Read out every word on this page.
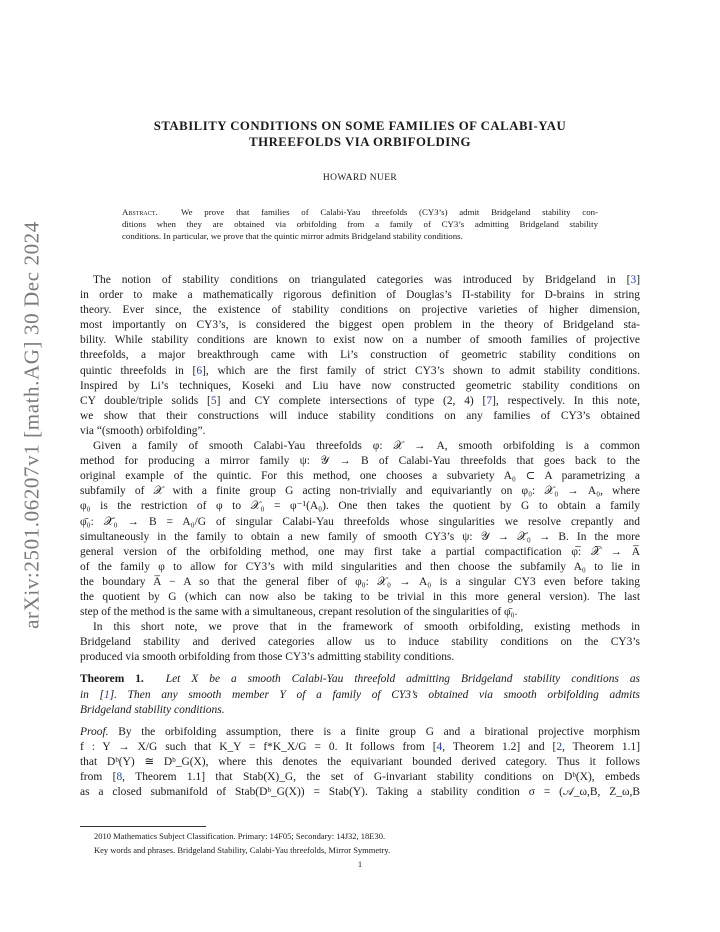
arXiv:2501.06207v1 [math.AG] 30 Dec 2024
STABILITY CONDITIONS ON SOME FAMILIES OF CALABI-YAU
THREEFOLDS VIA ORBIFOLDING
HOWARD NUER
Abstract.	We prove that families of Calabi-Yau threefolds (CY3’s) admit Bridgeland stability con-
ditions when they are obtained via orbifolding from a family of CY3’s admitting Bridgeland stability
conditions. In particular, we prove that the quintic mirror admits Bridgeland stability conditions.
The notion of stability conditions on triangulated categories was introduced by Bridgeland in [3]
in order to make a mathematically rigorous definition of Douglas’s Π-stability for D-brains in string
theory. Ever since, the existence of stability conditions on projective varieties of higher dimension,
most importantly on CY3’s, is considered the biggest open problem in the theory of Bridgeland sta-
bility. While stability conditions are known to exist now on a number of smooth families of projective
threefolds, a major breakthrough came with Li’s construction of geometric stability conditions on
quintic threefolds in [6], which are the first family of strict CY3’s shown to admit stability conditions.
Inspired by Li’s techniques, Koseki and Liu have now constructed geometric stability conditions on
CY double/triple solids [5] and CY complete intersections of type (2, 4) [7], respectively. In this note,
we show that their constructions will induce stability conditions on any families of CY3’s obtained
via “(smooth) orbifolding”.
Given a family of smooth Calabi-Yau threefolds φ: 𝒳 → A, smooth orbifolding is a common
method for producing a mirror family ψ: 𝒴 → B of Calabi-Yau threefolds that goes back to the
original example of the quintic. For this method, one chooses a subvariety A₀ ⊂ A parametrizing a
subfamily of 𝒳 with a finite group G acting non-trivially and equivariantly on φ₀: 𝒳₀ → A₀, where
φ₀ is the restriction of φ to 𝒳₀ = φ⁻¹(A₀). One then takes the quotient by G to obtain a family
φ̄₀: 𝒳̄₀ → B = A₀/G of singular Calabi-Yau threefolds whose singularities we resolve crepantly and
simultaneously in the family to obtain a new family of smooth CY3’s ψ: 𝒴 → 𝒳̄₀ → B. In the more
general version of the orbifolding method, one may first take a partial compactification φ̅: 𝒳̅ → A̅
of the family φ to allow for CY3’s with mild singularities and then choose the subfamily A₀ to lie in
the boundary A̅ − A so that the general fiber of φ₀: 𝒳₀ → A₀ is a singular CY3 even before taking
the quotient by G (which can now also be taking to be trivial in this more general version). The last
step of the method is the same with a simultaneous, crepant resolution of the singularities of φ̄₀.
In this short note, we prove that in the framework of smooth orbifolding, existing methods in
Bridgeland stability and derived categories allow us to induce stability conditions on the CY3’s
produced via smooth orbifolding from those CY3’s admitting stability conditions.
Theorem 1. Let X be a smooth Calabi-Yau threefold admitting Bridgeland stability conditions as
in [1]. Then any smooth member Y of a family of CY3’s obtained via smooth orbifolding admits
Bridgeland stability conditions.
Proof. By the orbifolding assumption, there is a finite group G and a birational projective morphism
f : Y → X/G such that K_Y = f*K_X/G = 0. It follows from [4, Theorem 1.2] and [2, Theorem 1.1]
that Dᵇ(Y) ≅ Dᵇ_G(X), where this denotes the equivariant bounded derived category. Thus it follows
from [8, Theorem 1.1] that Stab(X)_G, the set of G-invariant stability conditions on Dᵇ(X), embeds
as a closed submanifold of Stab(Dᵇ_G(X)) = Stab(Y). Taking a stability condition σ = (𝒜_ω,B, Z_ω,B
2010 Mathematics Subject Classification. Primary: 14F05; Secondary: 14J32, 18E30.
Key words and phrases. Bridgeland Stability, Calabi-Yau threefolds, Mirror Symmetry.
1
